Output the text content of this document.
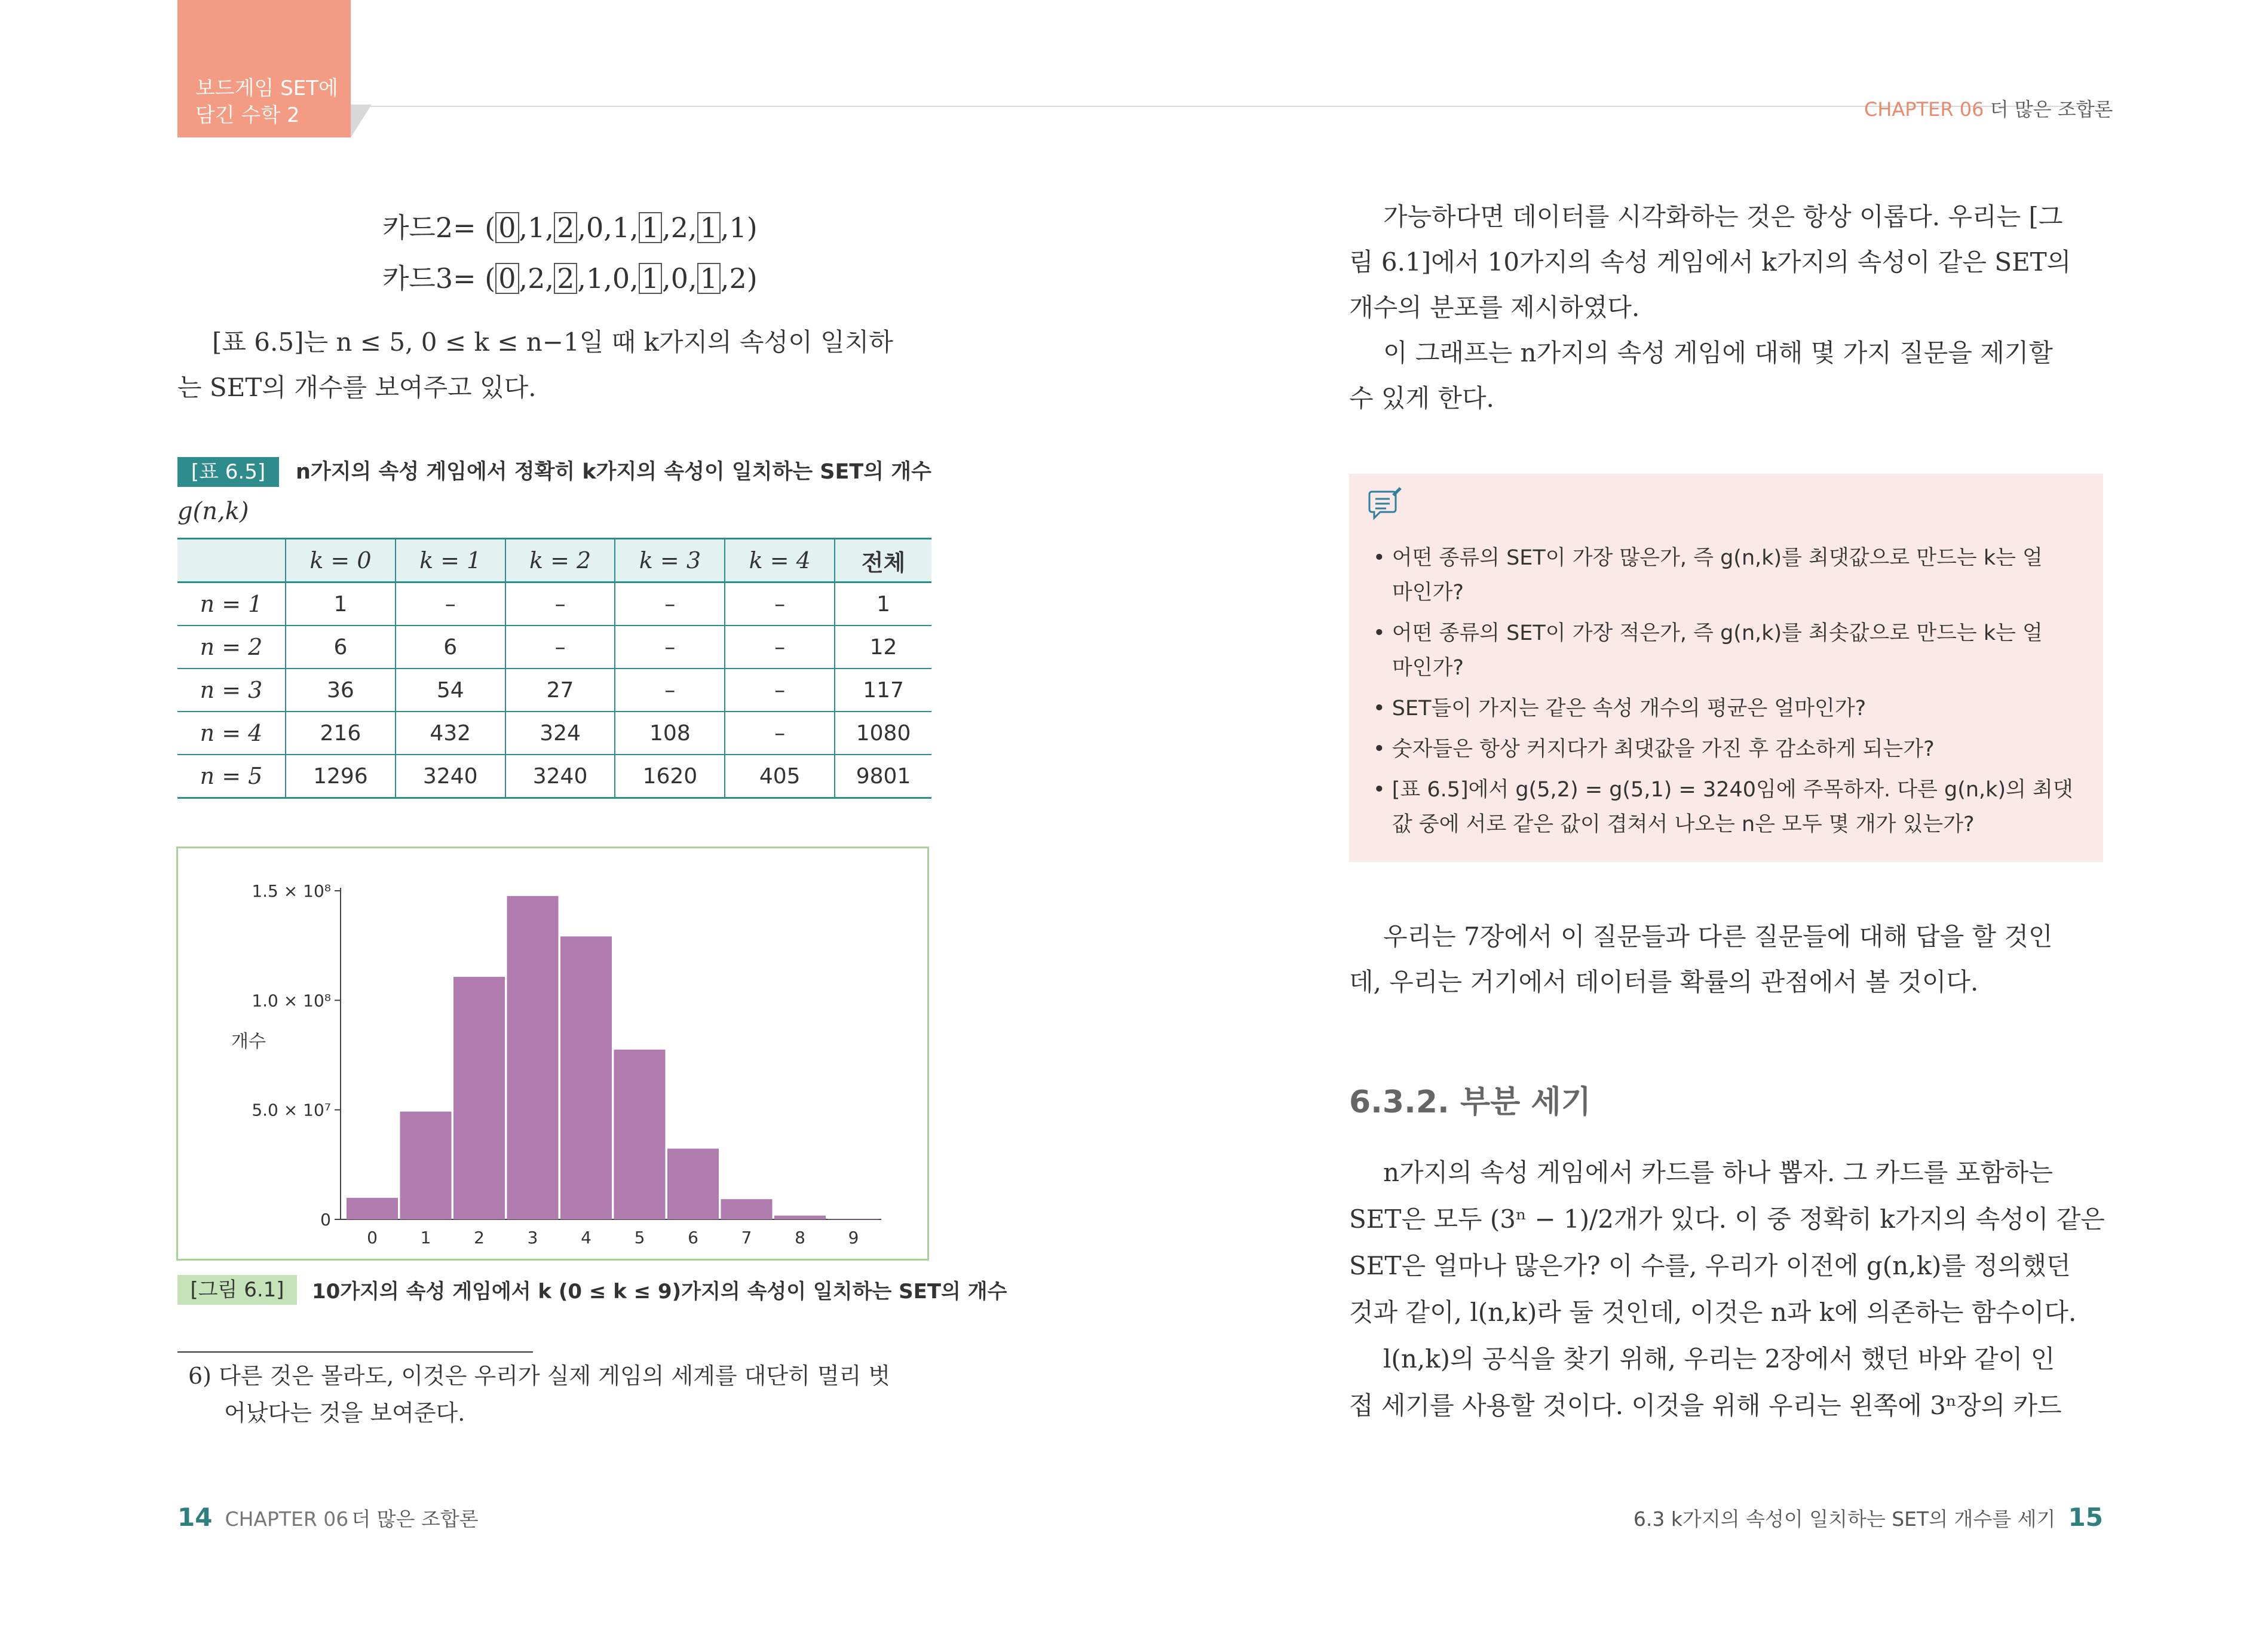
보드게임 SET에
담긴 수학 2	CHAPTER 06 더 많은 조합론
카드2= ( 0 ,1, 2 ,0,1, 1 ,2, 1 ,1)
카드3= ( 0 ,2, 2 ,1,0, 1 ,0, 1 ,2)
[표 6.5]는 n ≤ 5, 0 ≤ k ≤ n−1일 때 k가지의 속성이 일치하
는 SET의 개수를 보여주고 있다.
[표 6.5]	n가지의 속성 게임에서 정확히 k가지의 속성이 일치하는 SET의 개수
g(n,k)
	k = 0	k = 1	k = 2	k = 3	k = 4	전체
n = 1	1	–	–	–	–	1
n = 2	6	6	–	–	–	12
n = 3	36	54	27	–	–	117
n = 4	216	432	324	108	–	1080
n = 5	1296	3240	3240	1620	405	9801
0
5.0 × 10⁷
1.0 × 10⁸
1.5 × 10⁸
개수
0	1	2	3	4	5	6	7	8	9
[그림 6.1]	10가지의 속성 게임에서 k (0 ≤ k ≤ 9)가지의 속성이 일치하는 SET의 개수
6) 다른 것은 몰라도, 이것은 우리가 실제 게임의 세계를 대단히 멀리 벗
어났다는 것을 보여준다.
14 CHAPTER 06 더 많은 조합론
가능하다면 데이터를 시각화하는 것은 항상 이롭다. 우리는 [그
림 6.1]에서 10가지의 속성 게임에서 k가지의 속성이 같은 SET의
개수의 분포를 제시하였다.
이 그래프는 n가지의 속성 게임에 대해 몇 가지 질문을 제기할
수 있게 한다.
• 어떤 종류의 SET이 가장 많은가, 즉 g(n,k)를 최댓값으로 만드는 k는 얼
마인가?
• 어떤 종류의 SET이 가장 적은가, 즉 g(n,k)를 최솟값으로 만드는 k는 얼
마인가?
• SET들이 가지는 같은 속성 개수의 평균은 얼마인가?
• 숫자들은 항상 커지다가 최댓값을 가진 후 감소하게 되는가?
• [표 6.5]에서 g(5,2) = g(5,1) = 3240임에 주목하자. 다른 g(n,k)의 최댓
값 중에 서로 같은 값이 겹쳐서 나오는 n은 모두 몇 개가 있는가?
우리는 7장에서 이 질문들과 다른 질문들에 대해 답을 할 것인
데, 우리는 거기에서 데이터를 확률의 관점에서 볼 것이다.
6.3.2. 부분 세기
n가지의 속성 게임에서 카드를 하나 뽑자. 그 카드를 포함하는
SET은 모두 (3ⁿ − 1)/2개가 있다. 이 중 정확히 k가지의 속성이 같은
SET은 얼마나 많은가? 이 수를, 우리가 이전에 g(n,k)를 정의했던
것과 같이, l(n,k)라 둘 것인데, 이것은 n과 k에 의존하는 함수이다.
l(n,k)의 공식을 찾기 위해, 우리는 2장에서 했던 바와 같이 인
접 세기를 사용할 것이다. 이것을 위해 우리는 왼쪽에 3ⁿ장의 카드
6.3 k가지의 속성이 일치하는 SET의 개수를 세기 15
